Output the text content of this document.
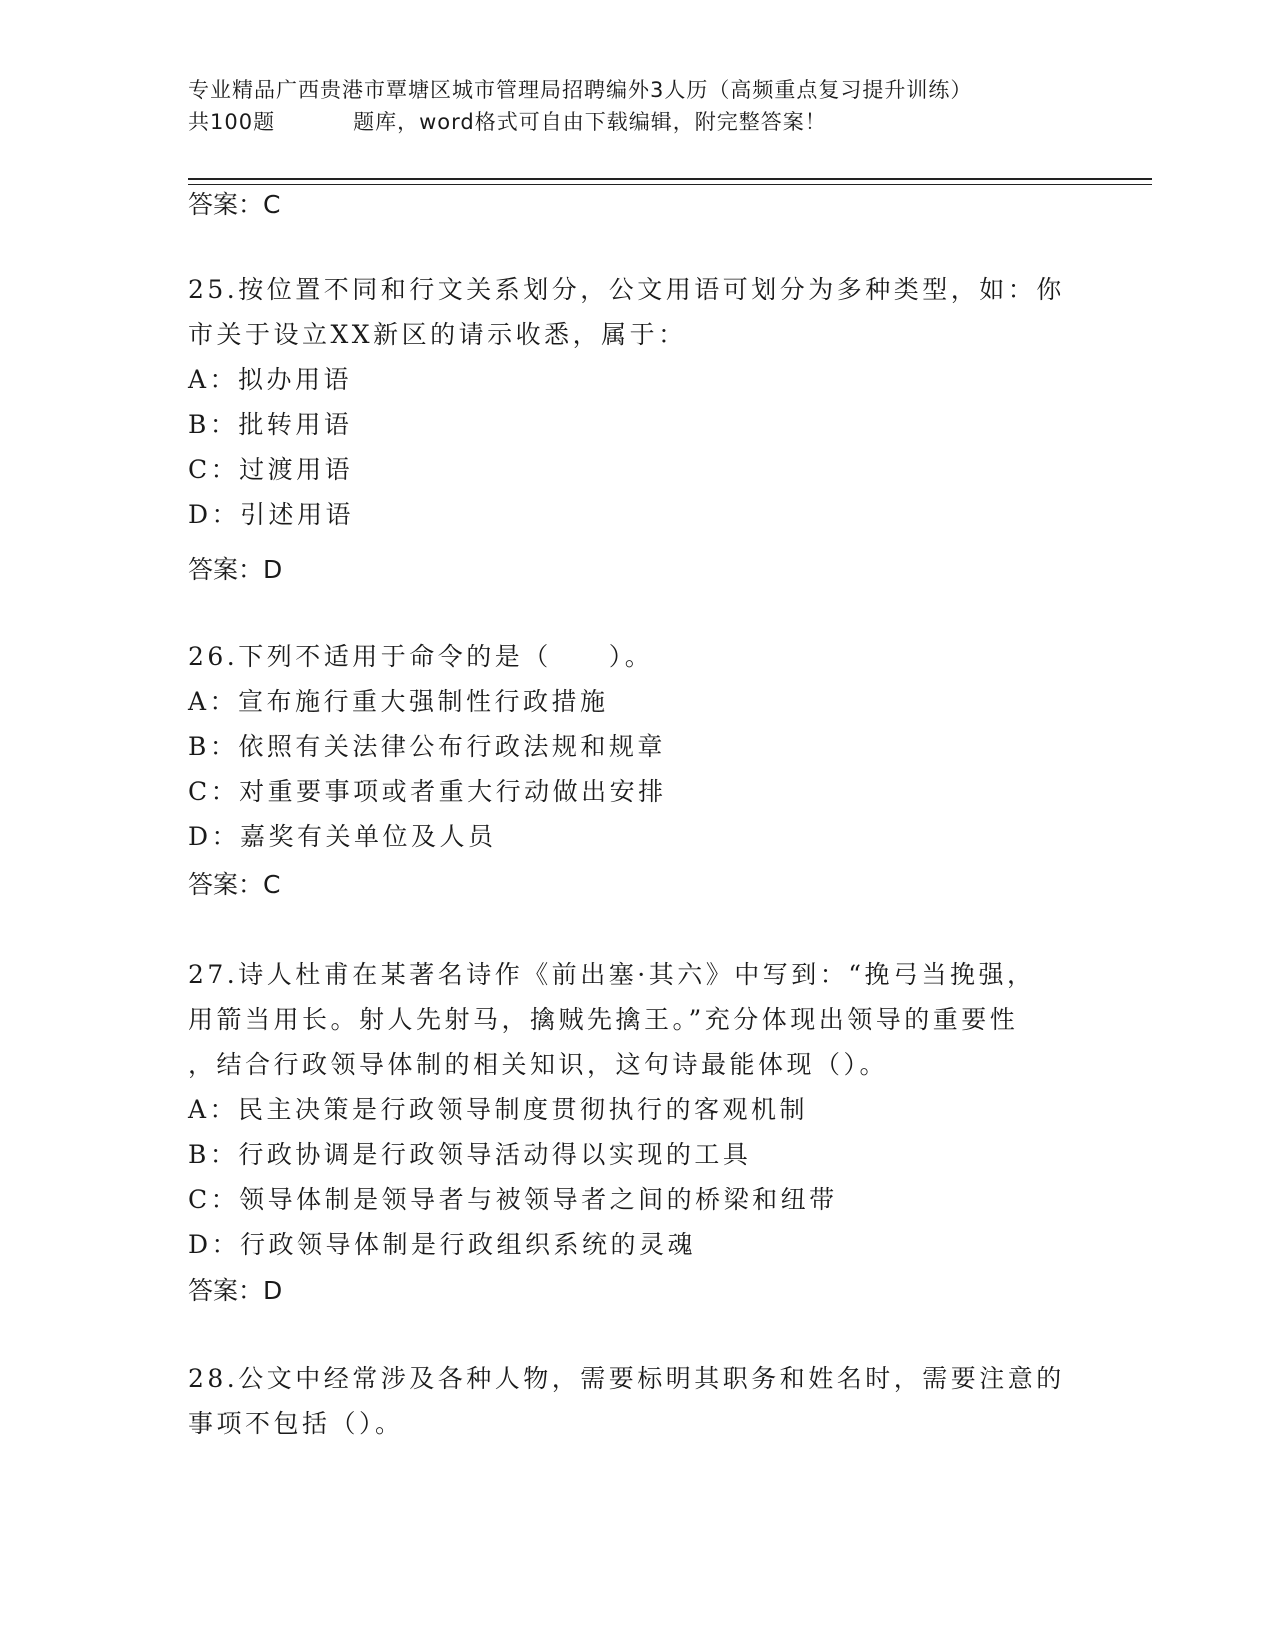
专业精品广西贵港市覃塘区城市管理局招聘编外3人历（高频重点复习提升训练）
共100题	题库，word格式可自由下载编辑，附完整答案！
答案：C
25.按位置不同和行文关系划分，公文用语可划分为多种类型，如：你
市关于设立XX新区的请示收悉，属于：
A：拟办用语
B：批转用语
C：过渡用语
D：引述用语
答案：D
26.下列不适用于命令的是（　　）。
A：宣布施行重大强制性行政措施
B：依照有关法律公布行政法规和规章
C：对重要事项或者重大行动做出安排
D：嘉奖有关单位及人员
答案：C
27.诗人杜甫在某著名诗作《前出塞·其六》中写到：“挽弓当挽强，
用箭当用长。射人先射马，擒贼先擒王。”充分体现出领导的重要性
，结合行政领导体制的相关知识，这句诗最能体现（）。
A：民主决策是行政领导制度贯彻执行的客观机制
B：行政协调是行政领导活动得以实现的工具
C：领导体制是领导者与被领导者之间的桥梁和纽带
D：行政领导体制是行政组织系统的灵魂
答案：D
28.公文中经常涉及各种人物，需要标明其职务和姓名时，需要注意的
事项不包括（）。
